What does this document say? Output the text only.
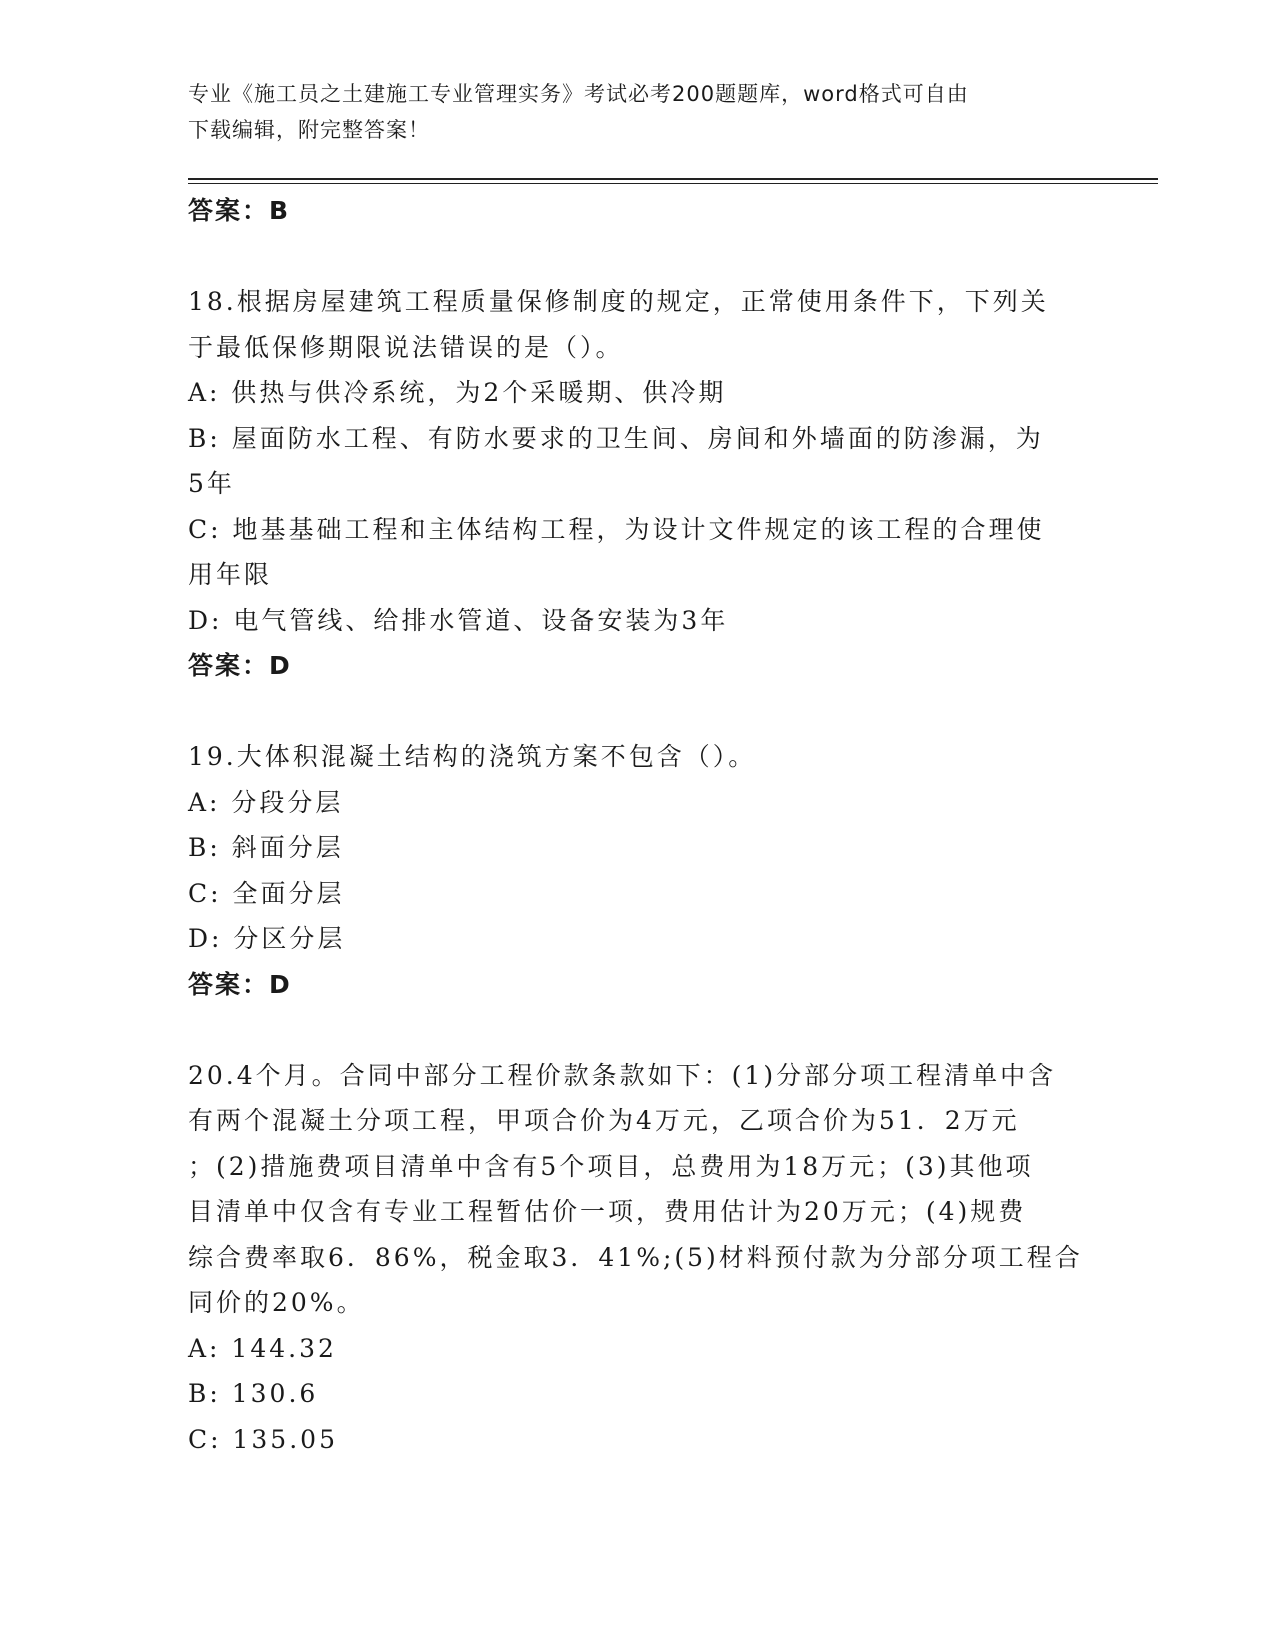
专业《施工员之土建施工专业管理实务》考试必考200题题库，word格式可自由
下载编辑，附完整答案！
答案：B
18.根据房屋建筑工程质量保修制度的规定，正常使用条件下，下列关
于最低保修期限说法错误的是（）。
A: 供热与供冷系统，为2个采暖期、供冷期
B: 屋面防水工程、有防水要求的卫生间、房间和外墙面的防渗漏，为
5年
C: 地基基础工程和主体结构工程，为设计文件规定的该工程的合理使
用年限
D: 电气管线、给排水管道、设备安装为3年
答案：D
19.大体积混凝土结构的浇筑方案不包含（）。
A: 分段分层
B: 斜面分层
C: 全面分层
D: 分区分层
答案：D
20.4个月。合同中部分工程价款条款如下：(1)分部分项工程清单中含
有两个混凝土分项工程，甲项合价为4万元，乙项合价为51．2万元
；(2)措施费项目清单中含有5个项目，总费用为18万元；(3)其他项
目清单中仅含有专业工程暂估价一项，费用估计为20万元；(4)规费
综合费率取6．86%，税金取3．41%;(5)材料预付款为分部分项工程合
同价的20%。
A: 144.32
B: 130.6
C: 135.05
